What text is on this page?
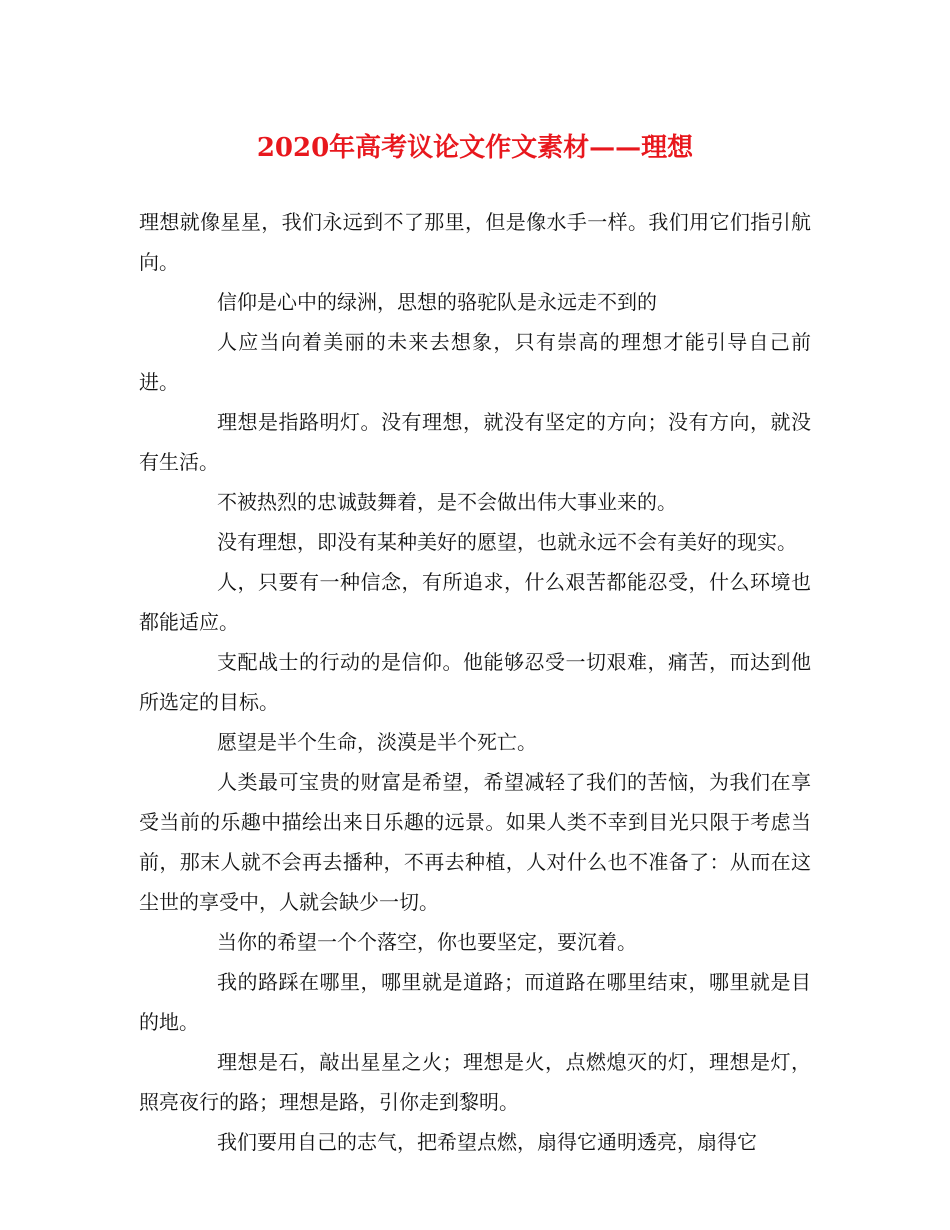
2020年高考议论文作文素材——理想

理想就像星星，我们永远到不了那里，但是像水手一样。我们用它们指引航向。

信仰是心中的绿洲，思想的骆驼队是永远走不到的

人应当向着美丽的未来去想象，只有崇高的理想才能引导自己前进。

理想是指路明灯。没有理想，就没有坚定的方向；没有方向，就没有生活。

不被热烈的忠诚鼓舞着，是不会做出伟大事业来的。

没有理想，即没有某种美好的愿望，也就永远不会有美好的现实。

人，只要有一种信念，有所追求，什么艰苦都能忍受，什么环境也都能适应。

支配战士的行动的是信仰。他能够忍受一切艰难，痛苦，而达到他所选定的目标。

愿望是半个生命，淡漠是半个死亡。

人类最可宝贵的财富是希望，希望减轻了我们的苦恼，为我们在享受当前的乐趣中描绘出来日乐趣的远景。如果人类不幸到目光只限于考虑当前，那末人就不会再去播种，不再去种植，人对什么也不准备了：从而在这尘世的享受中，人就会缺少一切。

当你的希望一个个落空，你也要坚定，要沉着。

我的路踩在哪里，哪里就是道路；而道路在哪里结束，哪里就是目的地。

理想是石，敲出星星之火；理想是火，点燃熄灭的灯，理想是灯，照亮夜行的路；理想是路，引你走到黎明。

我们要用自己的志气，把希望点燃，扇得它通明透亮，扇得它
